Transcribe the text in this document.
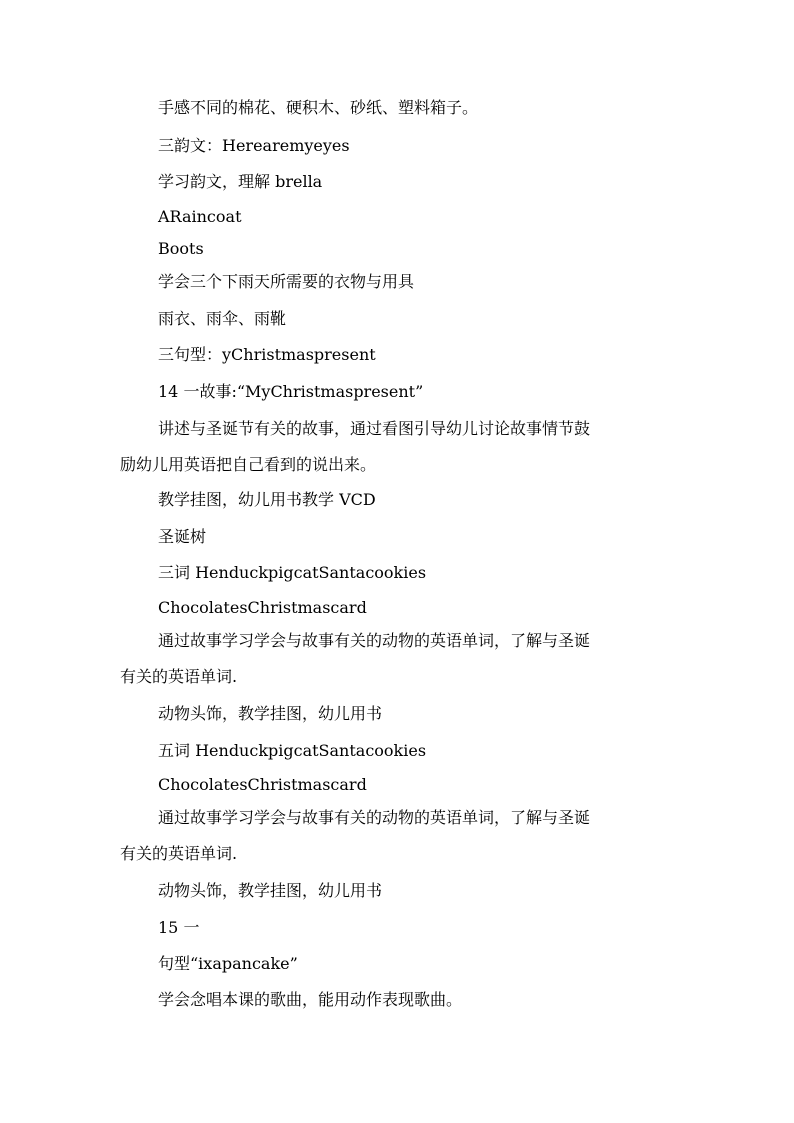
手感不同的棉花、硬积木、砂纸、塑料箱子。

三韵文：Herearemyeyes

学习韵文，理解 brella

ARaincoat

Boots

学会三个下雨天所需要的衣物与用具

雨衣、雨伞、雨靴

三句型：yChristmaspresent

14 一故事:“MyChristmaspresent”

讲述与圣诞节有关的故事，通过看图引导幼儿讨论故事情节鼓

励幼儿用英语把自己看到的说出来。

教学挂图，幼儿用书教学 VCD

圣诞树

三词 HenduckpigcatSantacookies

ChocolatesChristmascard

通过故事学习学会与故事有关的动物的英语单词，了解与圣诞

有关的英语单词.

动物头饰，教学挂图，幼儿用书

五词 HenduckpigcatSantacookies

ChocolatesChristmascard

通过故事学习学会与故事有关的动物的英语单词，了解与圣诞

有关的英语单词.

动物头饰，教学挂图，幼儿用书

15 一

句型“ixapancake”

学会念唱本课的歌曲，能用动作表现歌曲。
